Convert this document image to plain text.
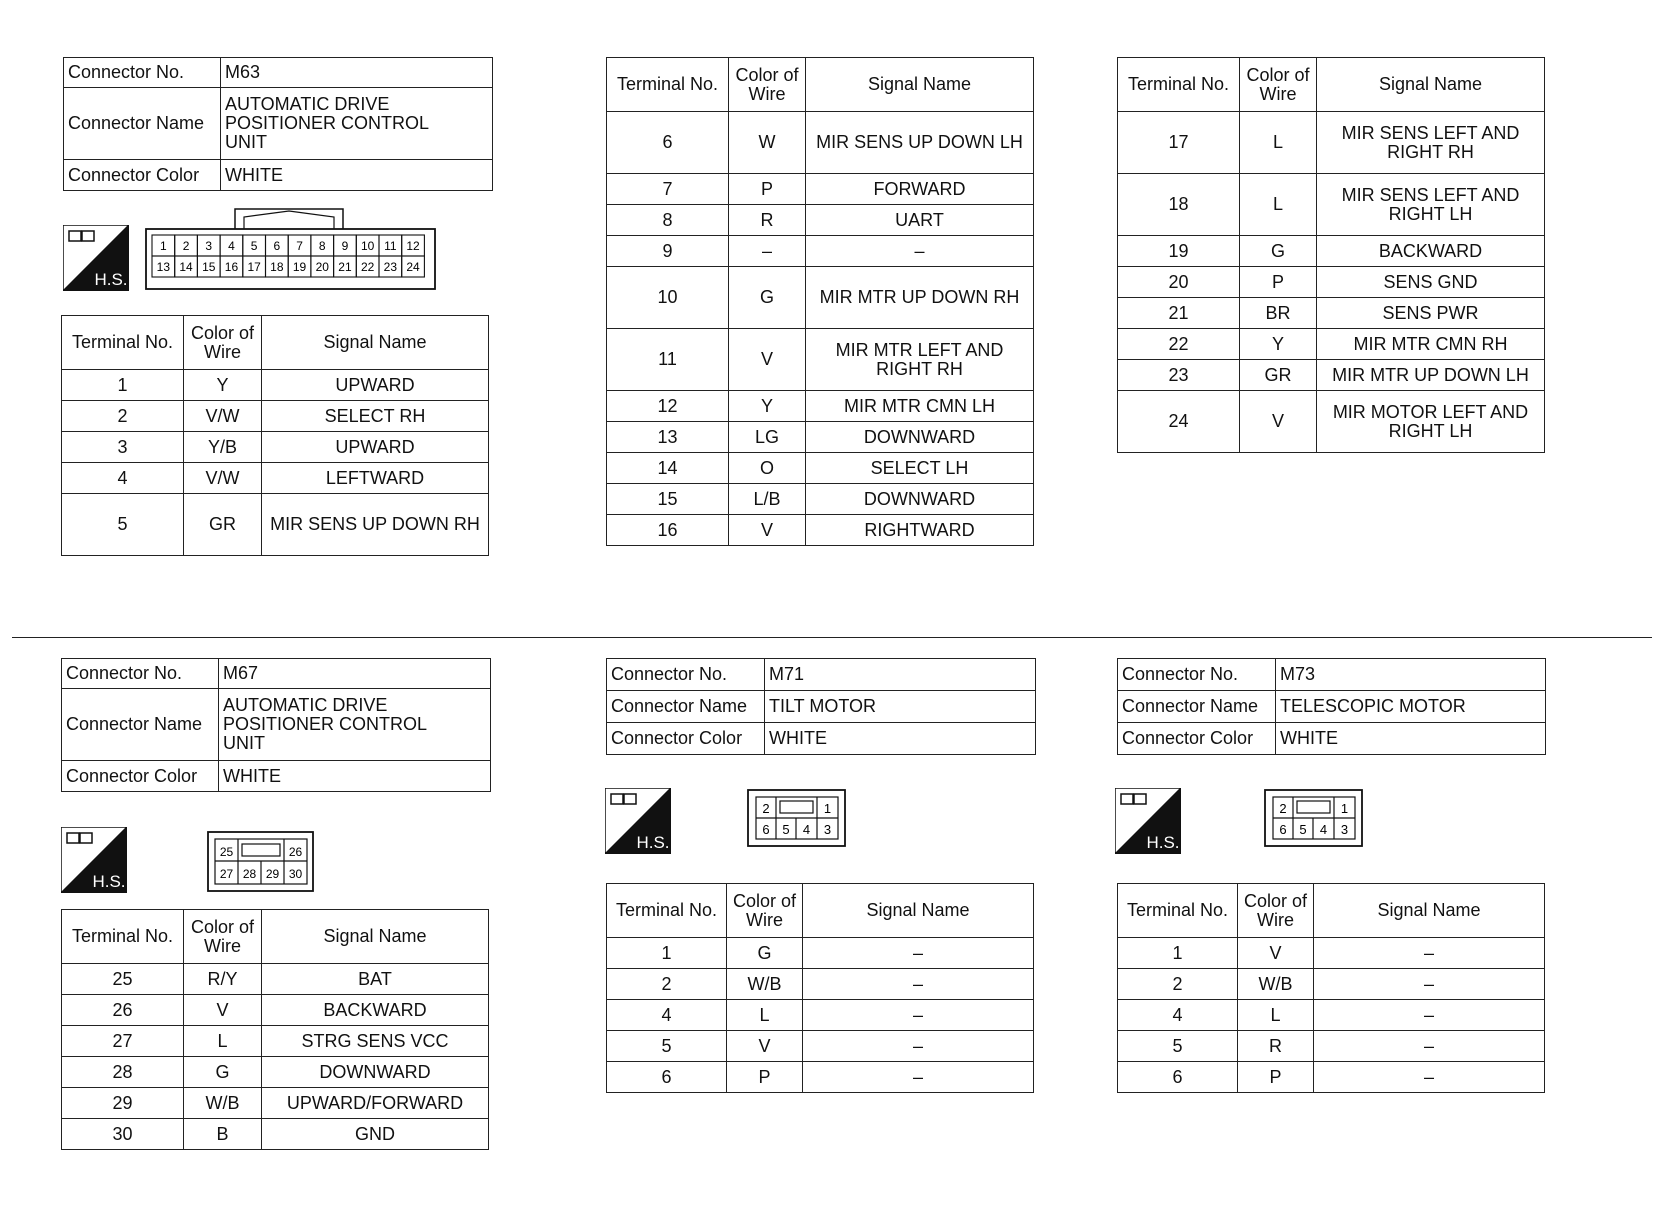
Connector No.	M63
Connector Name	AUTOMATIC DRIVE
POSITIONER CONTROL
UNIT

Connector Color	WHITE
H.S.
1 2 3 4 5 6 7 8 9 10 11 12
13 14 15 16 17 18 19 20 21 22 23 24
Terminal No.	Color of Wire	Signal Name
1	Y	UPWARD
2	V/W	SELECT RH
3	Y/B	UPWARD
4	V/W	LEFTWARD
5	GR	MIR SENS UP DOWN RH
Terminal No.	Color of Wire	Signal Name
6	W	MIR SENS UP DOWN LH
7	P	FORWARD
8	R	UART
9	–	–
10	G	MIR MTR UP DOWN RH
11	V	MIR MTR LEFT AND RIGHT RH
12	Y	MIR MTR CMN LH
13	LG	DOWNWARD
14	O	SELECT LH
15	L/B	DOWNWARD
16	V	RIGHTWARD
Terminal No.	Color of Wire	Signal Name
17	L	MIR SENS LEFT AND RIGHT RH
18	L	MIR SENS LEFT AND RIGHT LH
19	G	BACKWARD
20	P	SENS GND
21	BR	SENS PWR
22	Y	MIR MTR CMN RH
23	GR	MIR MTR UP DOWN LH
24	V	MIR MOTOR LEFT AND RIGHT LH
Connector No.	M67
Connector Name	AUTOMATIC DRIVE
POSITIONER CONTROL
UNIT

Connector Color	WHITE
H.S.
25	26
27 28 29 30
Terminal No.	Color of Wire	Signal Name
25	R/Y	BAT
26	V	BACKWARD
27	L	STRG SENS VCC
28	G	DOWNWARD
29	W/B	UPWARD/FORWARD
30	B	GND
Connector No.	M71
Connector Name	TILT MOTOR
Connector Color	WHITE
H.S.
2	1
6 5 4 3
Terminal No.	Color of Wire	Signal Name
1	G	–
2	W/B	–
4	L	–
5	V	–
6	P	–
Connector No.	M73
Connector Name	TELESCOPIC MOTOR
Connector Color	WHITE
H.S.
2	1
6 5 4 3
Terminal No.	Color of Wire	Signal Name
1	V	–
2	W/B	–
4	L	–
5	R	–
6	P	–
